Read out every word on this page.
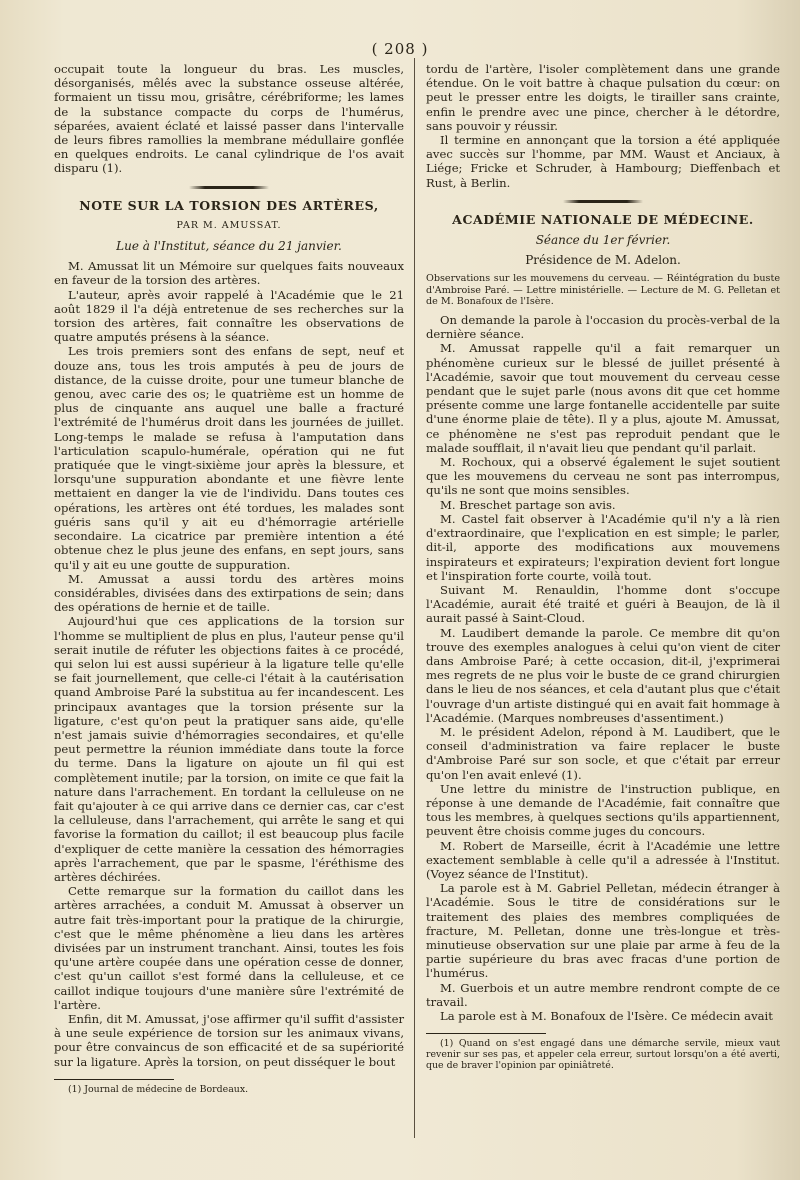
( 208 )

occupait toute la longueur du bras. Les muscles, désorganisés, mêlés avec la substance osseuse altérée, formaient un tissu mou, grisâtre, cérébriforme; les lames de la substance compacte du corps de l'humérus, séparées, avaient éclaté et laissé passer dans l'intervalle de leurs fibres ramollies la membrane médullaire gonflée en quelques endroits. Le canal cylindrique de l'os avait disparu (1).

NOTE SUR LA TORSION DES ARTÈRES,
PAR M. AMUSSAT.
Lue à l'Institut, séance du 21 janvier.

M. Amussat lit un Mémoire sur quelques faits nouveaux en faveur de la torsion des artères.

L'auteur, après avoir rappelé à l'Académie que le 21 août 1829 il l'a déjà entretenue de ses recherches sur la torsion des artères, fait connaître les observations de quatre amputés présens à la séance.

Les trois premiers sont des enfans de sept, neuf et douze ans, tous les trois amputés à peu de jours de distance, de la cuisse droite, pour une tumeur blanche de genou, avec carie des os; le quatrième est un homme de plus de cinquante ans auquel une balle a fracturé l'extrémité de l'humérus droit dans les journées de juillet. Long-temps le malade se refusa à l'amputation dans l'articulation scapulo-humérale, opération qui ne fut pratiquée que le vingt-sixième jour après la blessure, et lorsqu'une suppuration abondante et une fièvre lente mettaient en danger la vie de l'individu. Dans toutes ces opérations, les artères ont été tordues, les malades sont guéris sans qu'il y ait eu d'hémorragie artérielle secondaire. La cicatrice par première intention a été obtenue chez le plus jeune des enfans, en sept jours, sans qu'il y ait eu une goutte de suppuration.

M. Amussat a aussi tordu des artères moins considérables, divisées dans des extirpations de sein; dans des opérations de hernie et de taille.

Aujourd'hui que ces applications de la torsion sur l'homme se multiplient de plus en plus, l'auteur pense qu'il serait inutile de réfuter les objections faites à ce procédé, qui selon lui est aussi supérieur à la ligature telle qu'elle se fait journellement, que celle-ci l'était à la cautérisation quand Ambroise Paré la substitua au fer incandescent. Les principaux avantages que la torsion présente sur la ligature, c'est qu'on peut la pratiquer sans aide, qu'elle n'est jamais suivie d'hémorragies secondaires, et qu'elle peut permettre la réunion immédiate dans toute la force du terme. Dans la ligature on ajoute un fil qui est complètement inutile; par la torsion, on imite ce que fait la nature dans l'arrachement. En tordant la celluleuse on ne fait qu'ajouter à ce qui arrive dans ce dernier cas, car c'est la celluleuse, dans l'arrachement, qui arrête le sang et qui favorise la formation du caillot; il est beaucoup plus facile d'expliquer de cette manière la cessation des hémorragies après l'arrachement, que par le spasme, l'éréthisme des artères déchirées.

Cette remarque sur la formation du caillot dans les artères arrachées, a conduit M. Amussat à observer un autre fait très-important pour la pratique de la chirurgie, c'est que le même phénomène a lieu dans les artères divisées par un instrument tranchant. Ainsi, toutes les fois qu'une artère coupée dans une opération cesse de donner, c'est qu'un caillot s'est formé dans la celluleuse, et ce caillot indique toujours d'une manière sûre l'extrémité de l'artère.

Enfin, dit M. Amussat, j'ose affirmer qu'il suffit d'assister à une seule expérience de torsion sur les animaux vivans, pour être convaincus de son efficacité et de sa supériorité sur la ligature. Après la torsion, on peut disséquer le bout

(1) Journal de médecine de Bordeaux.

tordu de l'artère, l'isoler complètement dans une grande étendue. On le voit battre à chaque pulsation du cœur: on peut le presser entre les doigts, le tirailler sans crainte, enfin le prendre avec une pince, chercher à le détordre, sans pouvoir y réussir.

Il termine en annonçant que la torsion a été appliquée avec succès sur l'homme, par MM. Waust et Anciaux, à Liége; Fricke et Schruder, à Hambourg; Dieffenbach et Rust, à Berlin.

ACADÉMIE NATIONALE DE MÉDECINE.
Séance du 1er février.
Présidence de M. Adelon.

Observations sur les mouvemens du cerveau. — Réintégration du buste d'Ambroise Paré. — Lettre ministérielle. — Lecture de M. G. Pelletan et de M. Bonafoux de l'Isère.

On demande la parole à l'occasion du procès-verbal de la dernière séance.

M. Amussat rappelle qu'il a fait remarquer un phénomène curieux sur le blessé de juillet présenté à l'Académie, savoir que tout mouvement du cerveau cesse pendant que le sujet parle (nous avons dit que cet homme présente comme une large fontanelle accidentelle par suite d'une énorme plaie de tête). Il y a plus, ajoute M. Amussat, ce phénomène ne s'est pas reproduit pendant que le malade soufflait, il n'avait lieu que pendant qu'il parlait.

M. Rochoux, qui a observé également le sujet soutient que les mouvemens du cerveau ne sont pas interrompus, qu'ils ne sont que moins sensibles.

M. Breschet partage son avis.

M. Castel fait observer à l'Académie qu'il n'y a là rien d'extraordinaire, que l'explication en est simple; le parler, dit-il, apporte des modifications aux mouvemens inspirateurs et expirateurs; l'expiration devient fort longue et l'inspiration forte courte, voilà tout.

Suivant M. Renauldin, l'homme dont s'occupe l'Académie, aurait été traité et guéri à Beaujon, de là il aurait passé à Saint-Cloud.

M. Laudibert demande la parole. Ce membre dit qu'on trouve des exemples analogues à celui qu'on vient de citer dans Ambroise Paré; à cette occasion, dit-il, j'exprimerai mes regrets de ne plus voir le buste de ce grand chirurgien dans le lieu de nos séances, et cela d'autant plus que c'était l'ouvrage d'un artiste distingué qui en avait fait hommage à l'Académie. (Marques nombreuses d'assentiment.)

M. le président Adelon, répond à M. Laudibert, que le conseil d'administration va faire replacer le buste d'Ambroise Paré sur son socle, et que c'était par erreur qu'on l'en avait enlevé (1).

Une lettre du ministre de l'instruction publique, en réponse à une demande de l'Académie, fait connaître que tous les membres, à quelques sections qu'ils appartiennent, peuvent être choisis comme juges du concours.

M. Robert de Marseille, écrit à l'Académie une lettre exactement semblable à celle qu'il a adressée à l'Institut. (Voyez séance de l'Institut).

La parole est à M. Gabriel Pelletan, médecin étranger à l'Académie. Sous le titre de considérations sur le traitement des plaies des membres compliquées de fracture, M. Pelletan, donne une très-longue et très-minutieuse observation sur une plaie par arme à feu de la partie supérieure du bras avec fracas d'une portion de l'humérus.

M. Guerbois et un autre membre rendront compte de ce travail.

La parole est à M. Bonafoux de l'Isère. Ce médecin avait

(1) Quand on s'est engagé dans une démarche servile, mieux vaut revenir sur ses pas, et appeler cela erreur, surtout lorsqu'on a été averti, que de braver l'opinion par opiniâtreté.
